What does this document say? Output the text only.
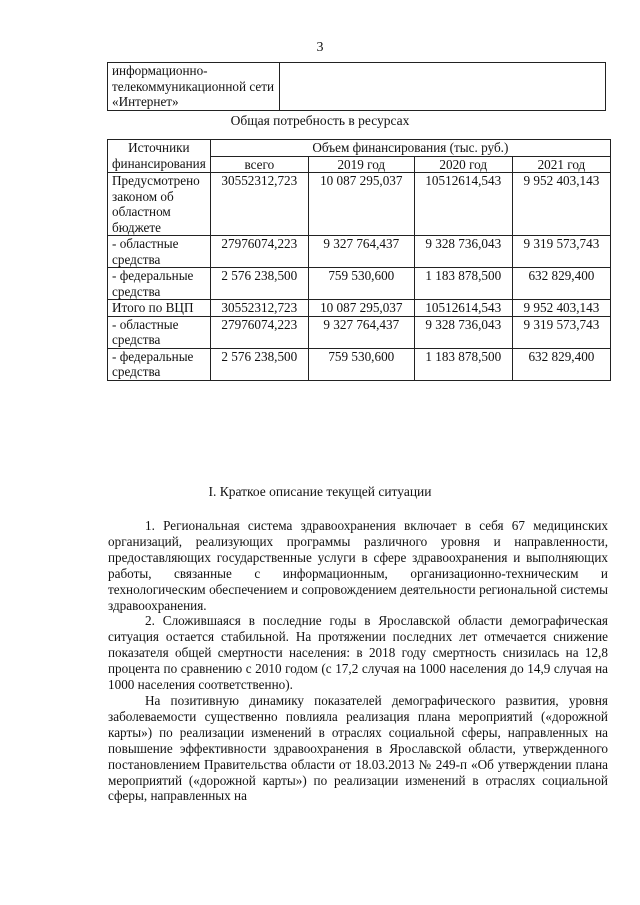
3
информационно-телекоммуникационной сети «Интернет»	
Общая потребность в ресурсах
Источники финансирования	Объем финансирования (тыс. руб.)			
	всего	2019 год	2020 год	2021 год
Предусмотрено законом об областном бюджете	30552312,723	10 087 295,037	10512614,543	9 952 403,143
- областные средства	27976074,223	9 327 764,437	9 328 736,043	9 319 573,743
- федеральные средства	2 576 238,500	759 530,600	1 183 878,500	632 829,400
Итого по ВЦП	30552312,723	10 087 295,037	10512614,543	9 952 403,143
- областные средства	27976074,223	9 327 764,437	9 328 736,043	9 319 573,743
- федеральные средства	2 576 238,500	759 530,600	1 183 878,500	632 829,400
I. Краткое описание текущей ситуации

1. Региональная система здравоохранения включает в себя 67 медицинских организаций, реализующих программы различного уровня и направленности, предоставляющих государственные услуги в сфере здравоохранения и выполняющих работы, связанные с информационным, организационно-техническим и технологическим обеспечением и сопровождением деятельности региональной системы здравоохранения.

2. Сложившаяся в последние годы в Ярославской области демографическая ситуация остается стабильной. На протяжении последних лет отмечается снижение показателя общей смертности населения: в 2018 году смертность снизилась на 12,8 процента по сравнению с 2010 годом (с 17,2 случая на 1000 населения до 14,9 случая на 1000 населения соответственно).

На позитивную динамику показателей демографического развития, уровня заболеваемости существенно повлияла реализация плана мероприятий («дорожной карты») по реализации изменений в отраслях социальной сферы, направленных на повышение эффективности здравоохранения в Ярославской области, утвержденного постановлением Правительства области от 18.03.2013 № 249-п «Об утверждении плана мероприятий («дорожной карты») по реализации изменений в отраслях социальной сферы, направленных на
